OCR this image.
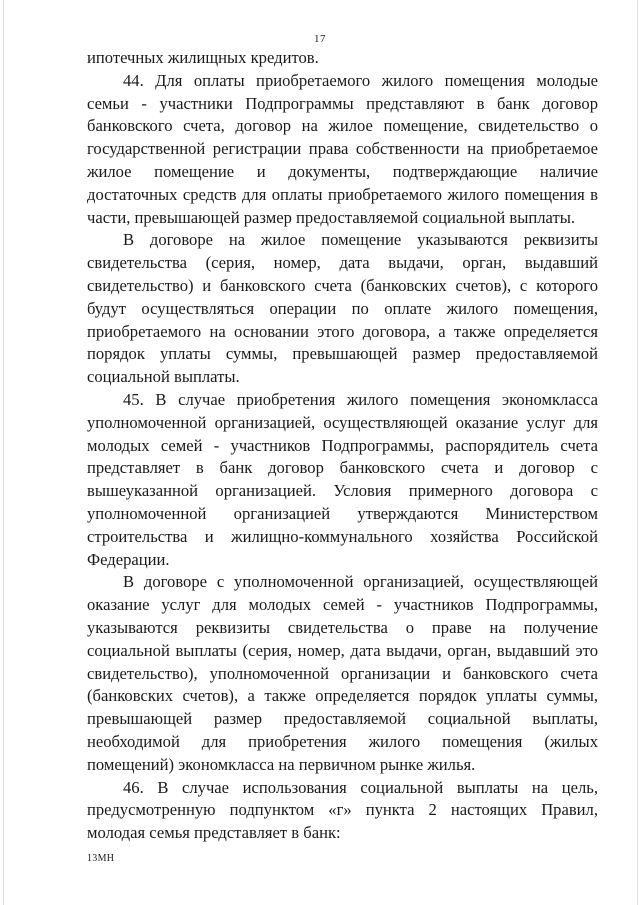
17

ипотечных жилищных кредитов.

44. Для оплаты приобретаемого жилого помещения молодые семьи - участники Подпрограммы представляют в банк договор банковского счета, договор на жилое помещение, свидетельство о государственной регистрации права собственности на приобретаемое жилое помещение и документы, подтверждающие наличие достаточных средств для оплаты приобретаемого жилого помещения в части, превышающей размер предоставляемой социальной выплаты.

В договоре на жилое помещение указываются реквизиты свидетельства (серия, номер, дата выдачи, орган, выдавший свидетельство) и банковского счета (банковских счетов), с которого будут осуществляться операции по оплате жилого помещения, приобретаемого на основании этого договора, а также определяется порядок уплаты суммы, превышающей размер предоставляемой социальной выплаты.

45. В случае приобретения жилого помещения экономкласса уполномоченной организацией, осуществляющей оказание услуг для молодых семей - участников Подпрограммы, распорядитель счета представляет в банк договор банковского счета и договор с вышеуказанной организацией. Условия примерного договора с уполномоченной организацией утверждаются Министерством строительства и жилищно-коммунального хозяйства Российской Федерации.

В договоре с уполномоченной организацией, осуществляющей оказание услуг для молодых семей - участников Подпрограммы, указываются реквизиты свидетельства о праве на получение социальной выплаты (серия, номер, дата выдачи, орган, выдавший это свидетельство), уполномоченной организации и банковского счета (банковских счетов), а также определяется порядок уплаты суммы, превышающей размер предоставляемой социальной выплаты, необходимой для приобретения жилого помещения (жилых помещений) экономкласса на первичном рынке жилья.

46. В случае использования социальной выплаты на цель, предусмотренную подпунктом «г» пункта 2 настоящих Правил, молодая семья представляет в банк:

13МН
